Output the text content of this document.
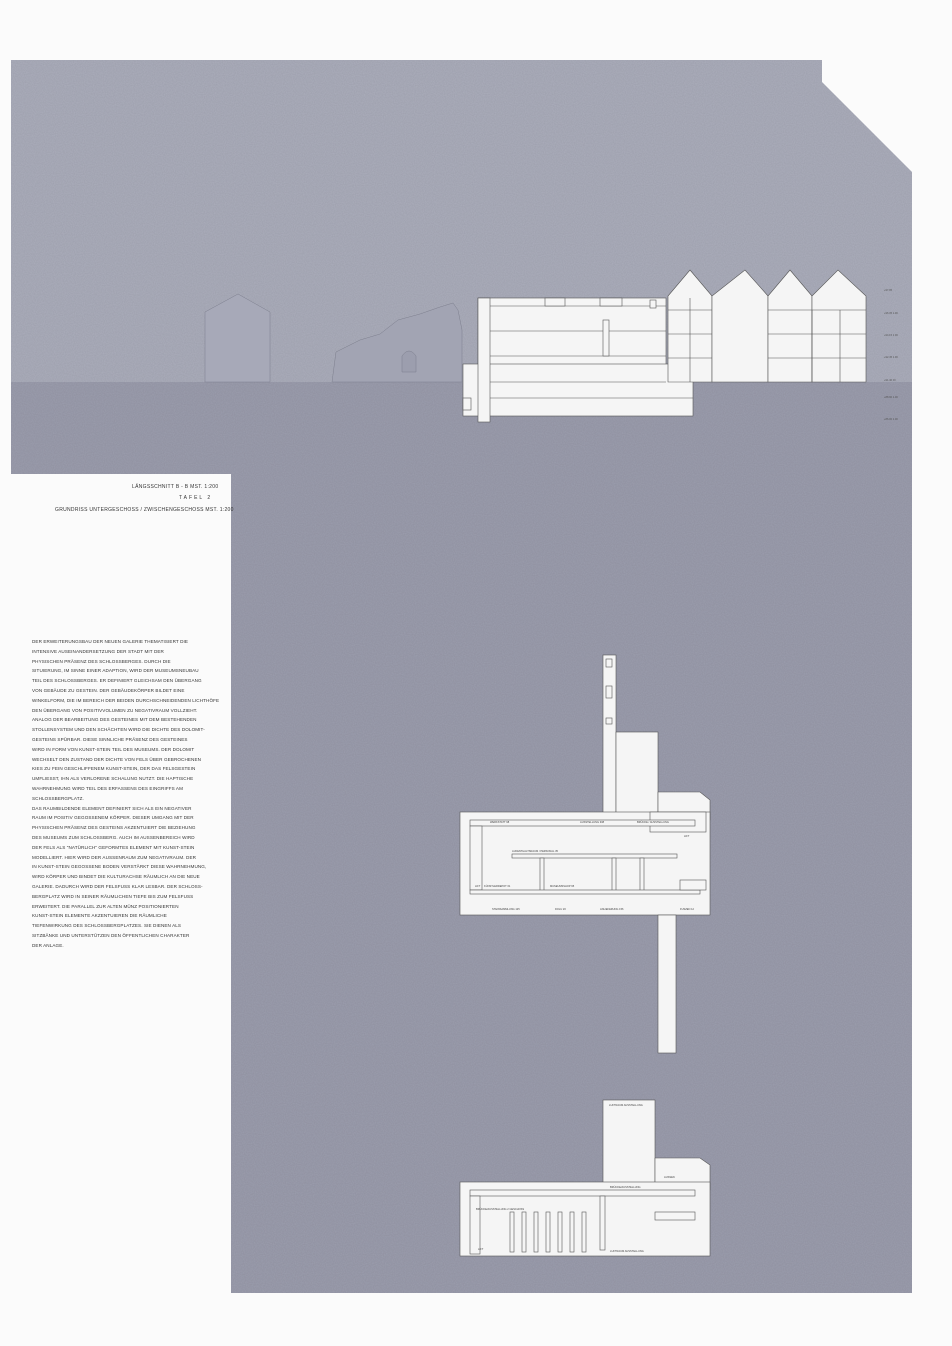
+97.95
+96.35 1.00
+94.15 1.00
+92.45 1.00
+91.40 ±0
+88.90 1.00
+86.00 1.00
WERKSTATT 98	AUSSTELLUNG 308	BRÜCKE / AUSSTELLUNG
LIFT
AUFENTHALTSRAUM / PERSONAL 35
KÜNSTLERDEPOT 61	MUSEUMSSHOP 95
LIFT
STEINSAMMLUNG 125	DOLU 20	ANLIEFERUNG 156	FUSZEN 12
LUFTRAUM AUSSTELLUNG
AUSSEN
BRÜCKE/AUSSTELLUNG
BRÜCKE/AUSSTELLUNG 2 GESCHOSS
LIFT
LUFTRAUM AUSSTELLUNG
LÄNGSSCHNITT B - B MST. 1:200
TAFEL 2
GRUNDRISS UNTERGESCHOSS / ZWISCHENGESCHOSS MST. 1:200

DER ERWEITERUNGSBAU DER NEUEN GALERIE THEMATISIERT DIE

INTENSIVE AUSEINANDERSETZUNG DER STADT MIT DER

PHYSISCHEN PRÄSENZ DES SCHLOSSBERGES. DURCH DIE

SITUIERUNG, IM SINNE EINER ADAPTION, WIRD DER MUSEUMSNEUBAU

TEIL DES SCHLOSSBERGES. ER DEFINIERT GLEICHSAM DEN ÜBERGANG

VON GEBÄUDE ZU GESTEIN. DER GEBÄUDEKÖRPER BILDET EINE

WINKELFORM, DIE IM BEREICH DER BEIDEN DURCHSCHNEIDENDEN LICHTHÖFE

DEN ÜBERGANG VON POSITIVVOLUMEN ZU NEGATIVRAUM VOLLZIEHT.

ANALOG DER BEARBEITUNG DES GESTEINES MIT DEM BESTEHENDEN

STOLLENSYSTEM UND DEN SCHÄCHTEN WIRD DIE DICHTE DES DOLOMIT-

GESTEINS SPÜRBAR. DIESE SINNLICHE PRÄSENZ DES GESTEINES

WIRD IN FORM VON KUNST-STEIN TEIL DES MUSEUMS. DER DOLOMIT

WECHSELT DEN ZUSTAND DER DICHTE VON FELS ÜBER GEBROCHENEN

KIES ZU FEIN GESCHLIFFENEM KUNST-STEIN, DER DAS FELSGESTEIN

UMFLIESST, IHN ALS VERLORENE SCHALUNG NUTZT. DIE HAPTISCHE

WAHRNEHMUNG WIRD TEIL DES ERFASSENS DES EINGRIFFS AM

SCHLOSSBERGPLATZ.

DAS RAUMBILDENDE ELEMENT DEFINIERT SICH ALS EIN NEGATIVER

RAUM IM POSITIV GEGOSSENEM KÖRPER. DIESER UMGANG MIT DER

PHYSISCHEN PRÄSENZ DES GESTEINS AKZENTUIERT DIE BEZIEHUNG

DES MUSEUMS ZUM SCHLOSSBERG. AUCH IM AUSSENBEREICH WIRD

DER FELS ALS "NATÜRLICH" GEFORMTES ELEMENT MIT KUNST-STEIN

MODELLIERT. HIER WIRD DER AUSSENRAUM ZUM NEGATIVRAUM. DER

IN KUNST-STEIN GEGOSSENE BODEN VERSTÄRKT DIESE WAHRNEHMUNG,

WIRD KÖRPER UND BINDET DIE KULTURACHSE RÄUMLICH AN DIE NEUE

GALERIE. DADURCH WIRD DER FELSFUSS KLAR LESBAR. DER SCHLOSS-

BERGPLATZ WIRD IN SEINER RÄUMLICHEN TIEFE BIS ZUM FELSFUSS

ERWEITERT. DIE PARALLEL ZUR ALTEN MÜNZ POSITIONIERTEN

KUNST-STEIN ELEMENTE AKZENTUIEREN DIE RÄUMLICHE

TIEFENWIRKUNG DES SCHLOSSBERGPLATZES. SIE DIENEN ALS

SITZBÄNKE UND UNTERSTÜTZEN DEN ÖFFENTLICHEN CHARAKTER

DER ANLAGE.
